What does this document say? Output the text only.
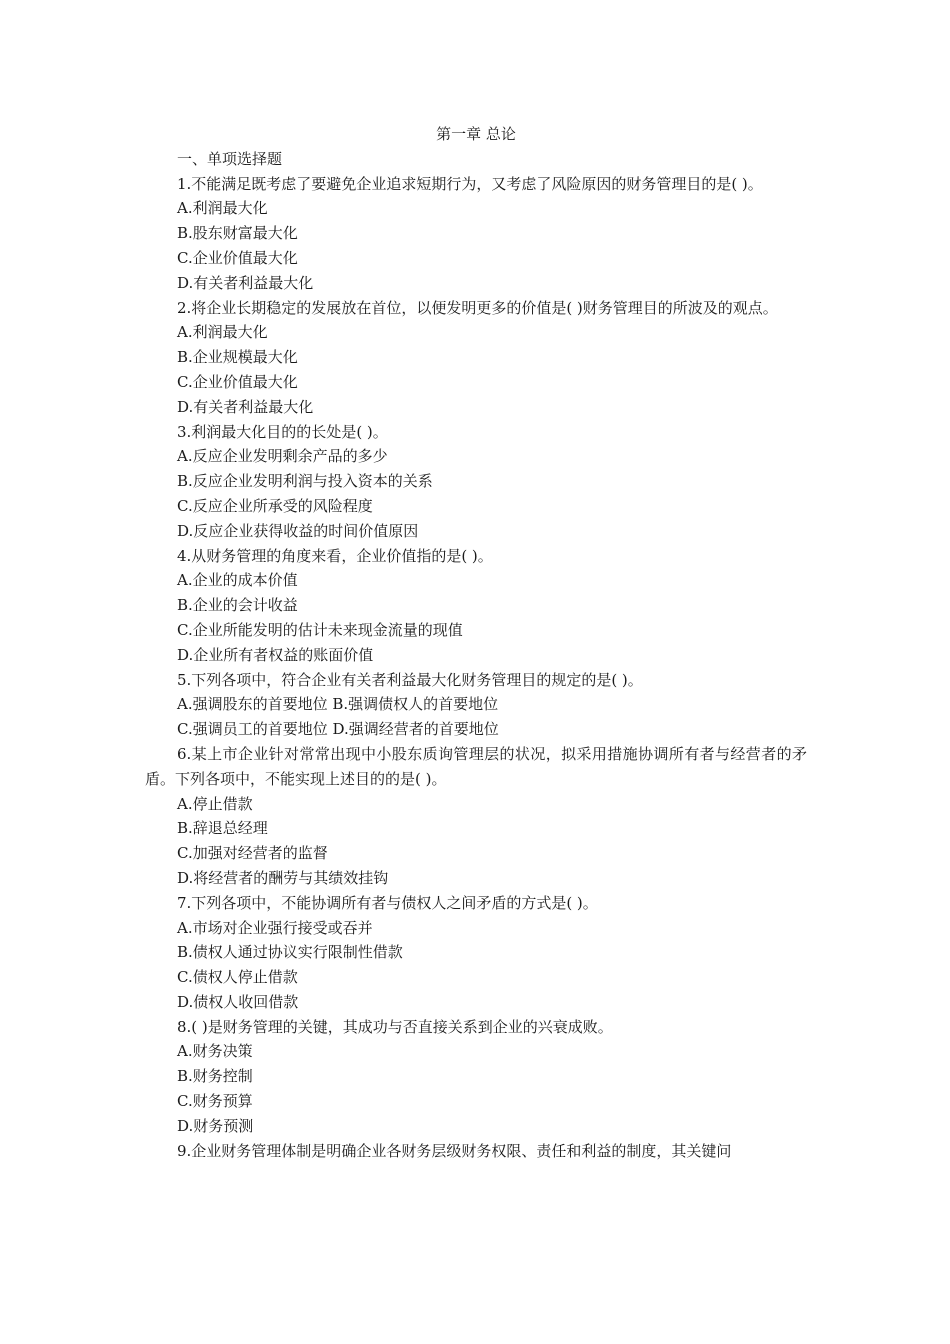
第一章 总论
一、单项选择题
1.不能满足既考虑了要避免企业追求短期行为，又考虑了风险原因的财务管理目的是( )。
A.利润最大化
B.股东财富最大化
C.企业价值最大化
D.有关者利益最大化
2.将企业长期稳定的发展放在首位，以便发明更多的价值是( )财务管理目的所波及的观点。
A.利润最大化
B.企业规模最大化
C.企业价值最大化
D.有关者利益最大化
3.利润最大化目的的长处是( )。
A.反应企业发明剩余产品的多少
B.反应企业发明利润与投入资本的关系
C.反应企业所承受的风险程度
D.反应企业获得收益的时间价值原因
4.从财务管理的角度来看，企业价值指的是( )。
A.企业的成本价值
B.企业的会计收益
C.企业所能发明的估计未来现金流量的现值
D.企业所有者权益的账面价值
5.下列各项中，符合企业有关者利益最大化财务管理目的规定的是( )。
A.强调股东的首要地位 B.强调债权人的首要地位
C.强调员工的首要地位 D.强调经营者的首要地位
6.某上市企业针对常常出现中小股东质询管理层的状况，拟采用措施协调所有者与经营者的矛盾。下列各项中，不能实现上述目的的是( )。
A.停止借款
B.辞退总经理
C.加强对经营者的监督
D.将经营者的酬劳与其绩效挂钩
7.下列各项中，不能协调所有者与债权人之间矛盾的方式是( )。
A.市场对企业强行接受或吞并
B.债权人通过协议实行限制性借款
C.债权人停止借款
D.债权人收回借款
8.( )是财务管理的关键，其成功与否直接关系到企业的兴衰成败。
A.财务决策
B.财务控制
C.财务预算
D.财务预测
9.企业财务管理体制是明确企业各财务层级财务权限、责任和利益的制度，其关键问
